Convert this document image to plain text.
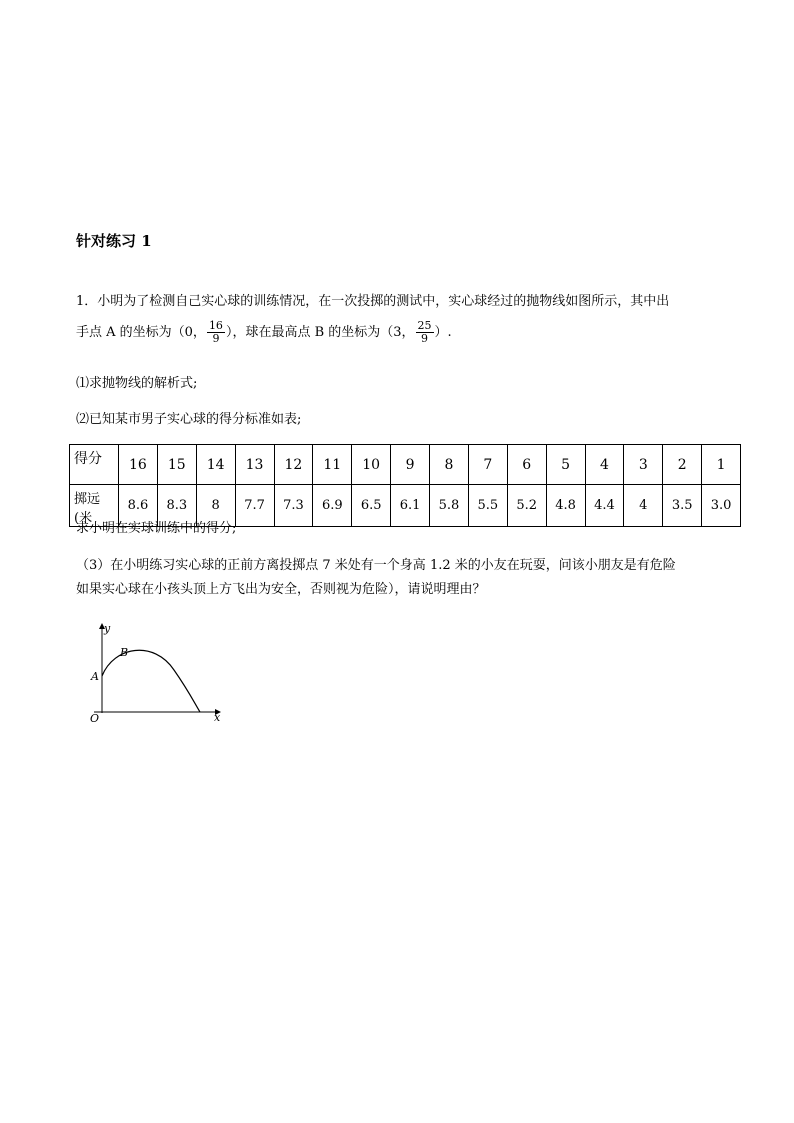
针对练习 1
1．小明为了检测自己实心球的训练情况，在一次投掷的测试中，实心球经过的抛物线如图所示，其中出
手点 A 的坐标为（0， $\frac{16}{9}$ ），球在最高点 B 的坐标为（3， $\frac{25}{9}$ ）.
⑴求抛物线的解析式;
⑵已知某市男子实心球的得分标准如表;
得分	16	15	14	13	12	11	10	9	8	7	6	5	4	3	2	1
掷远(米	8.6	8.3	8	7.7	7.3	6.9	6.5	6.1	5.8	5.5	5.2	4.8	4.4	4	3.5	3.0
求小明在实球训练中的得分;
（3）在小明练习实心球的正前方离投掷点 7 米处有一个身高 1.2 米的小友在玩耍，问该小朋友是有危险
如果实心球在小孩头顶上方飞出为安全，否则视为危险），请说明理由？
y
x
O
A
B
